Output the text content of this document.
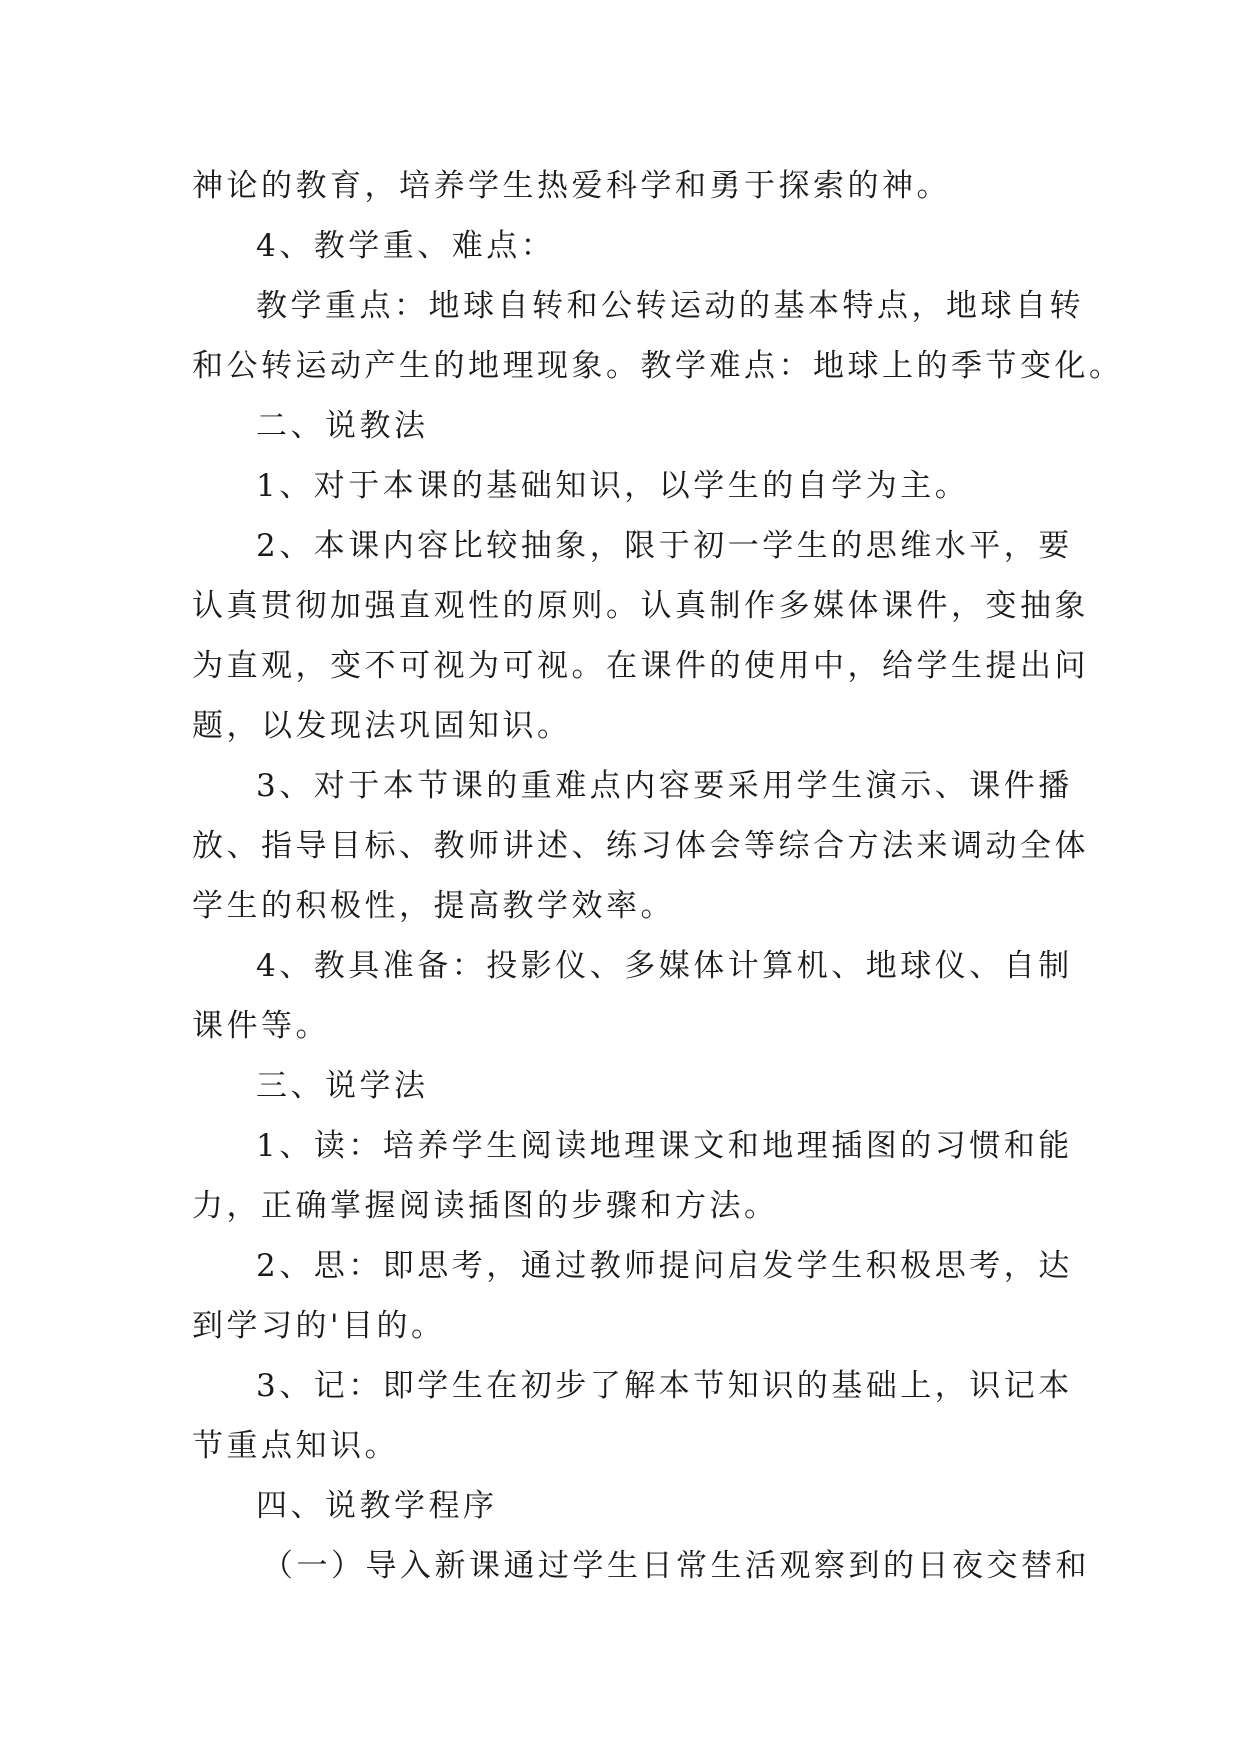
神论的教育，培养学生热爱科学和勇于探索的神。
4、教学重、难点：
教学重点：地球自转和公转运动的基本特点，地球自转
和公转运动产生的地理现象。教学难点：地球上的季节变化。
二、说教法
1、对于本课的基础知识，以学生的自学为主。
2、本课内容比较抽象，限于初一学生的思维水平，要
认真贯彻加强直观性的原则。认真制作多媒体课件，变抽象
为直观，变不可视为可视。在课件的使用中，给学生提出问
题，以发现法巩固知识。
3、对于本节课的重难点内容要采用学生演示、课件播
放、指导目标、教师讲述、练习体会等综合方法来调动全体
学生的积极性，提高教学效率。
4、教具准备：投影仪、多媒体计算机、地球仪、自制
课件等。
三、说学法
1、读：培养学生阅读地理课文和地理插图的习惯和能
力，正确掌握阅读插图的步骤和方法。
2、思：即思考，通过教师提问启发学生积极思考，达
到学习的'目的。
3、记：即学生在初步了解本节知识的基础上，识记本
节重点知识。
四、说教学程序
（一）导入新课通过学生日常生活观察到的日夜交替和
